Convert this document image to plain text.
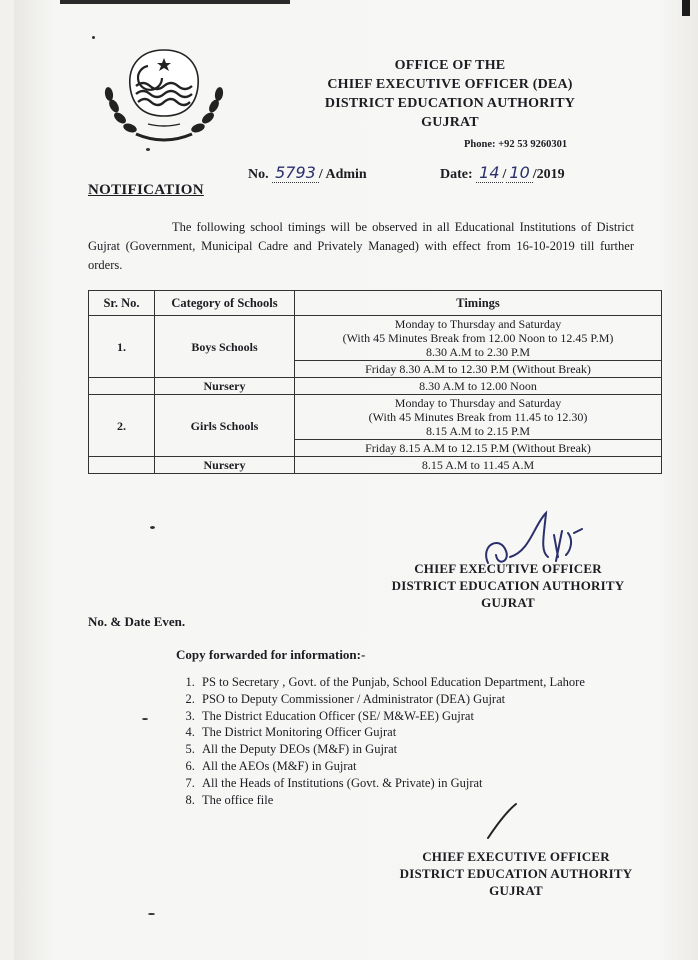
OFFICE OF THE
CHIEF EXECUTIVE OFFICER (DEA)
DISTRICT EDUCATION AUTHORITY
GUJRAT
Phone: +92 53 9260301
No. 5793 / Admin	Date: 14 / 10 /2019
NOTIFICATION
The following school timings will be observed in all Educational Institutions of District Gujrat (Government, Municipal Cadre and Privately Managed) with effect from 16-10-2019 till further orders.
Sr. No.	Category of Schools	Timings
1.	Boys Schools	Monday to Thursday and Saturday
(With 45 Minutes Break from 12.00 Noon to 12.45 P.M)
8.30 A.M to 2.30 P.M

		Friday 8.30 A.M to 12.30 P.M (Without Break)
	Nursery	8.30 A.M to 12.00 Noon
2.	Girls Schools	Monday to Thursday and Saturday
(With 45 Minutes Break from 11.45 to 12.30)
8.15 A.M to 2.15 P.M

		Friday 8.15 A.M to 12.15 P.M (Without Break)
	Nursery	8.15 A.M to 11.45 A.M
CHIEF EXECUTIVE OFFICER
DISTRICT EDUCATION AUTHORITY
GUJRAT
No. & Date Even.
Copy forwarded for information:-
1. PS to Secretary , Govt. of the Punjab, School Education Department, Lahore
2. PSO to Deputy Commissioner / Administrator (DEA) Gujrat
3. The District Education Officer (SE/ M&W-EE) Gujrat
4. The District Monitoring Officer Gujrat
5. All the Deputy DEOs (M&F) in Gujrat
6. All the AEOs (M&F) in Gujrat
7. All the Heads of Institutions (Govt. & Private) in Gujrat
8. The office file
CHIEF EXECUTIVE OFFICER
DISTRICT EDUCATION AUTHORITY
GUJRAT
